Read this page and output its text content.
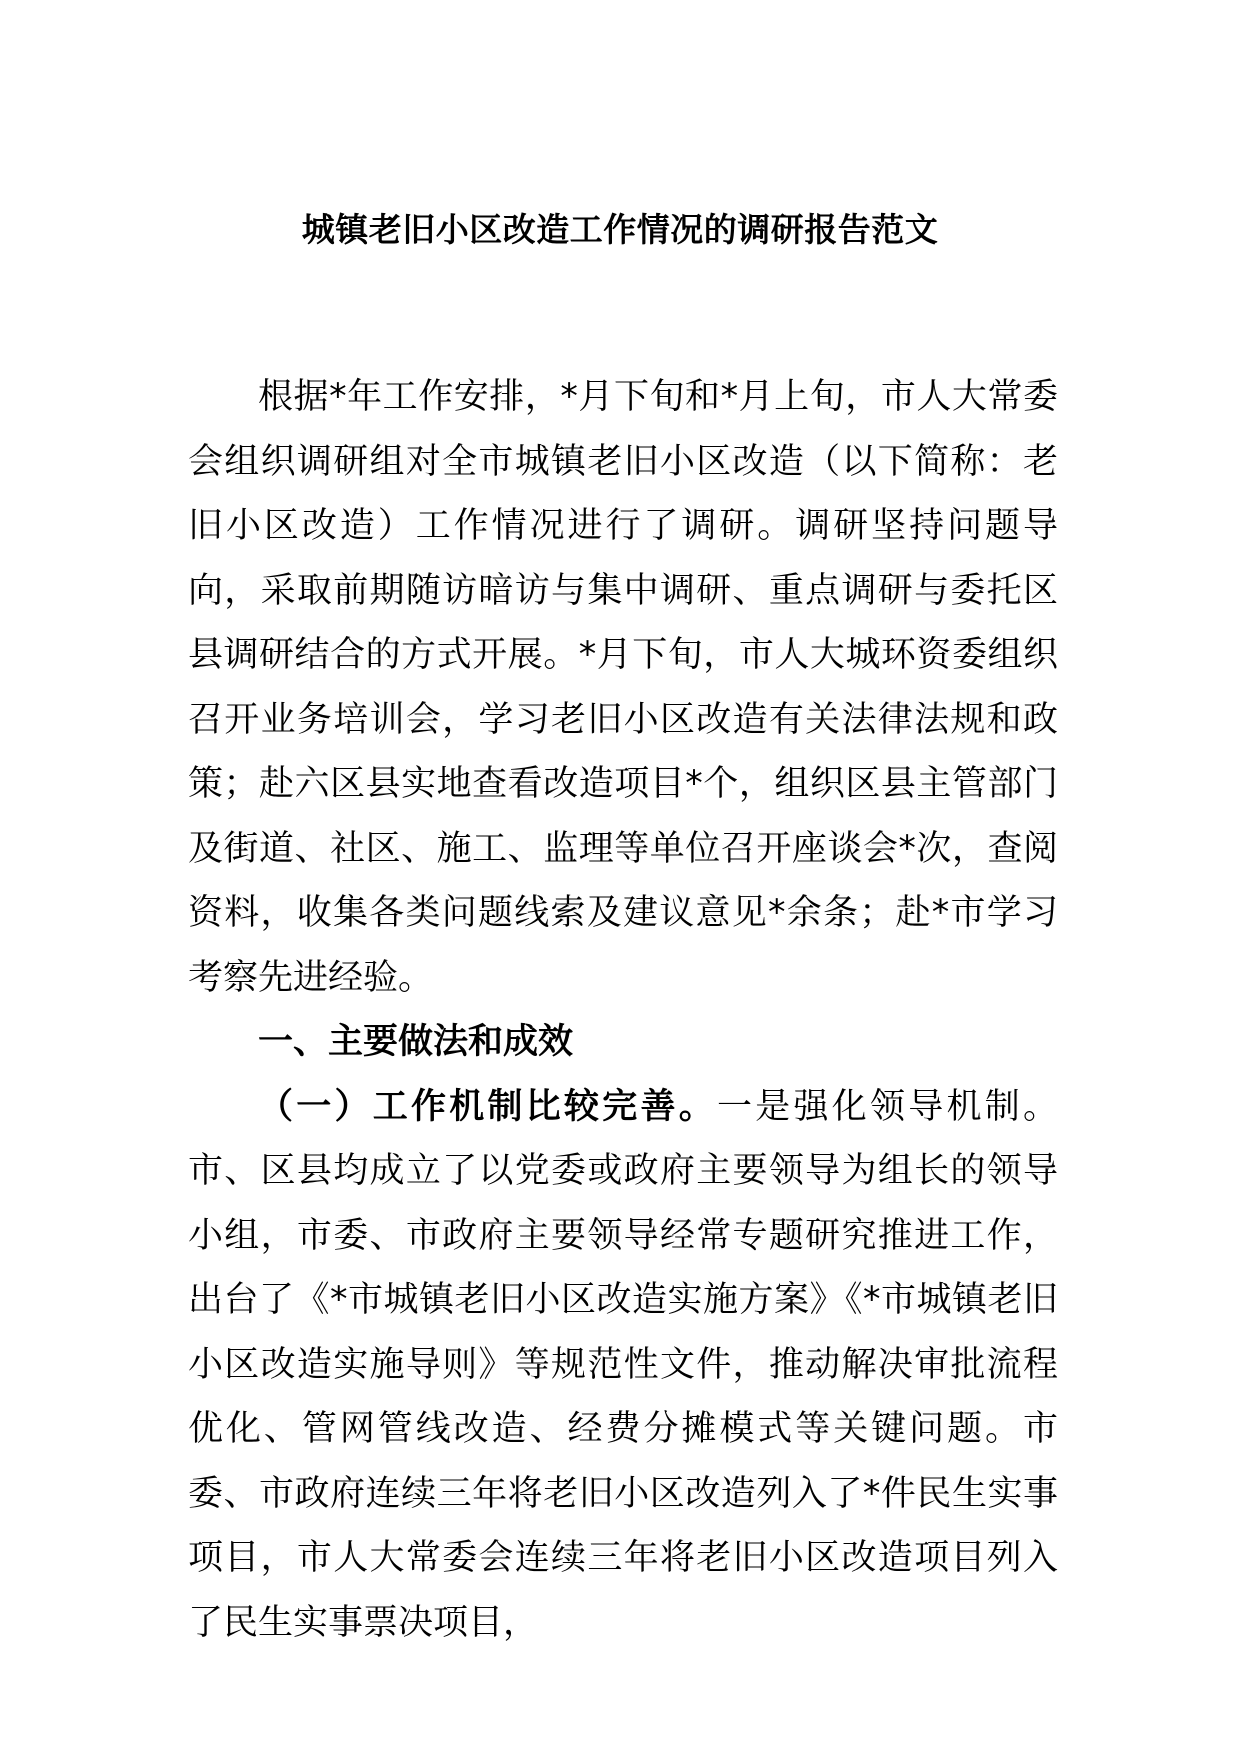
城镇老旧小区改造工作情况的调研报告范文

根据*年工作安排，*月下旬和*月上旬，市人大常委会组织调研组对全市城镇老旧小区改造（以下简称：老旧小区改造）工作情况进行了调研。调研坚持问题导向，采取前期随访暗访与集中调研、重点调研与委托区县调研结合的方式开展。*月下旬，市人大城环资委组织召开业务培训会，学习老旧小区改造有关法律法规和政策；赴六区县实地查看改造项目*个，组织区县主管部门及街道、社区、施工、监理等单位召开座谈会*次，查阅资料，收集各类问题线索及建议意见*余条；赴*市学习考察先进经验。

一、主要做法和成效

（一）工作机制比较完善。一是强化领导机制。市、区县均成立了以党委或政府主要领导为组长的领导小组，市委、市政府主要领导经常专题研究推进工作，出台了《*市城镇老旧小区改造实施方案》《*市城镇老旧小区改造实施导则》等规范性文件，推动解决审批流程优化、管网管线改造、经费分摊模式等关键问题。市委、市政府连续三年将老旧小区改造列入了*件民生实事项目，市人大常委会连续三年将老旧小区改造项目列入了民生实事票决项目，
